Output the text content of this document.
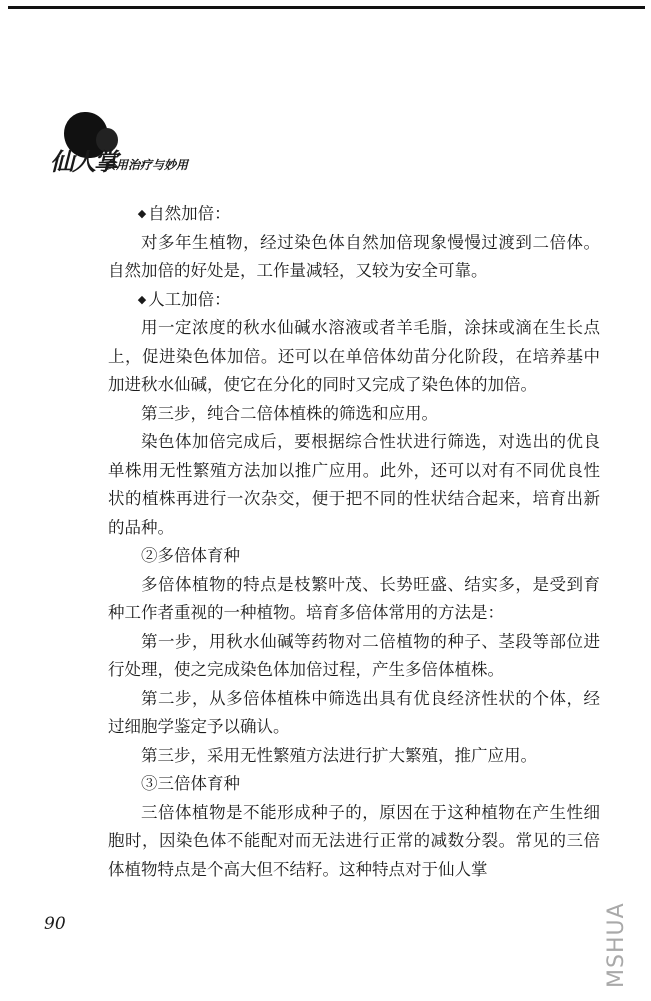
仙人掌
食用治疗与妙用

◆ 自然加倍：

对多年生植物，经过染色体自然加倍现象慢慢过渡到二倍体。自然加倍的好处是，工作量减轻，又较为安全可靠。

◆ 人工加倍：

用一定浓度的秋水仙碱水溶液或者羊毛脂，涂抹或滴在生长点上，促进染色体加倍。还可以在单倍体幼苗分化阶段，在培养基中加进秋水仙碱，使它在分化的同时又完成了染色体的加倍。

第三步，纯合二倍体植株的筛选和应用。

染色体加倍完成后，要根据综合性状进行筛选，对选出的优良单株用无性繁殖方法加以推广应用。此外，还可以对有不同优良性状的植株再进行一次杂交，便于把不同的性状结合起来，培育出新的品种。

②多倍体育种

多倍体植物的特点是枝繁叶茂、长势旺盛、结实多，是受到育种工作者重视的一种植物。培育多倍体常用的方法是：

第一步，用秋水仙碱等药物对二倍植物的种子、茎段等部位进行处理，使之完成染色体加倍过程，产生多倍体植株。

第二步，从多倍体植株中筛选出具有优良经济性状的个体，经过细胞学鉴定予以确认。

第三步，采用无性繁殖方法进行扩大繁殖，推广应用。

③三倍体育种

三倍体植物是不能形成种子的，原因在于这种植物在产生性细胞时，因染色体不能配对而无法进行正常的减数分裂。常见的三倍体植物特点是个高大但不结籽。这种特点对于仙人掌

90	MSHUA
